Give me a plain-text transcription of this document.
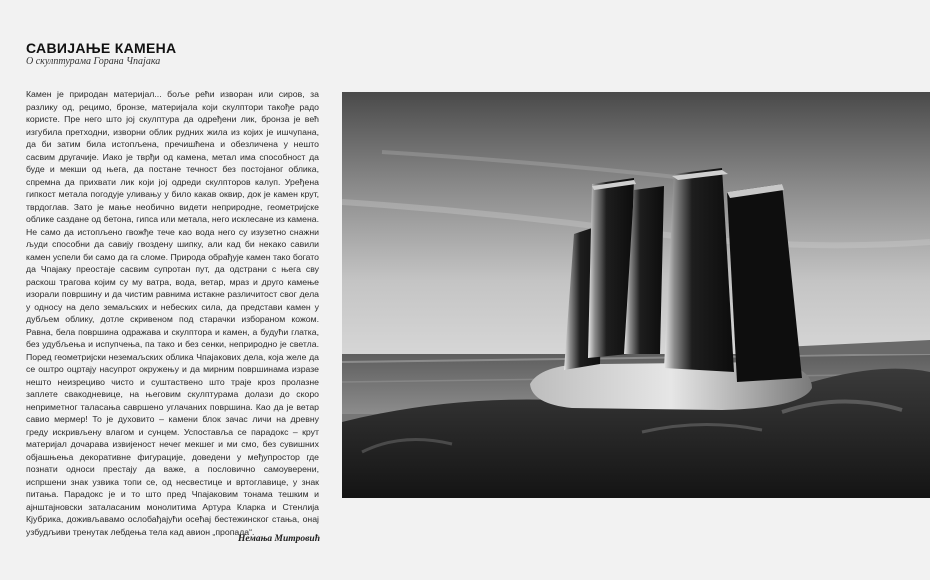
САВИЈАЊЕ КАМЕНА

О скулптурама Горана Чпајака

Камен је природан материјал... боље рећи изворан или сиров, за разлику од, рецимо, бронзе, материјала који скулптори такође радо користе. Пре него што јој скулптура да одређени лик, бронза је већ изгубила претходни, изворни облик рудних жила из којих је ишчупана, да би затим била истопљена, пречишћена и обезличена у нешто сасвим другачије. Иако је тврђи од камена, метал има способност да буде и мекши од њега, да постане течност без постојаног облика, спремна да прихвати лик који јој одреди скулпторов калуп. Уређена гипкост метала погодује уливању у било какав оквир, док је камен крут, тврдоглав. Зато је мање необично видети неприродне, геометријске облике саздане од бетона, гипса или метала, него исклесане из камена. Не само да истопљено гвожђе тече као вода него су изузетно снажни људи способни да савију гвоздену шипку, али кад би некако савили камен успели би само да га сломе. Природа обрађује камен тако богато да Чпајаку преостаје сасвим супротан пут, да одстрани с њега сву раскош трагова којим су му ватра, вода, ветар, мраз и друго камење изорали површину и да чистим равнима истакне различитост свог дела у односу на дело земаљских и небеских сила, да представи камен у дубљем облику, дотле скривеном под старачки изборaном кожом. Равна, бела површина одражава и скулптора и камен, а будући глатка, без удубљења и испупчења, па тако и без сенки, неприродно је светла. Поред геометријски неземаљских облика Чпајакових дела, која желе да се оштро оцртају насупрот окружењу и да мирним површинама изразе нешто неизрециво чисто и суштаствено што траје кроз пролазне заплете свакодневице, на његовим скулптурама долази до скоро непримeтног таласања савршено углачаних површина. Као да је ветар савио мермер! То је духовито – камени блок зачас личи на древну греду искривљену влагом и сунцем. Успоставља се парадокс – крут материјал дочарава извијеност нечег мекшег и ми смо, без сувишних објашњења декоративне фигурације, доведени у међупростор где познати односи престају да важе, а пословично самоуверени, испршени знак узвика топи се, од несвестице и вртоглавице, у знак питања. Парадокс је и то што пред Чпајаковим тонама тешким и ајнштајновски заталасаним монолитима Артура Кларка и Стенлија Кјубрика, доживљавамо ослобађајући осећај бестежинског стања, онај узбудљиви тренутак лебдења тела кад авион „пропада“.

Немања Митровић
